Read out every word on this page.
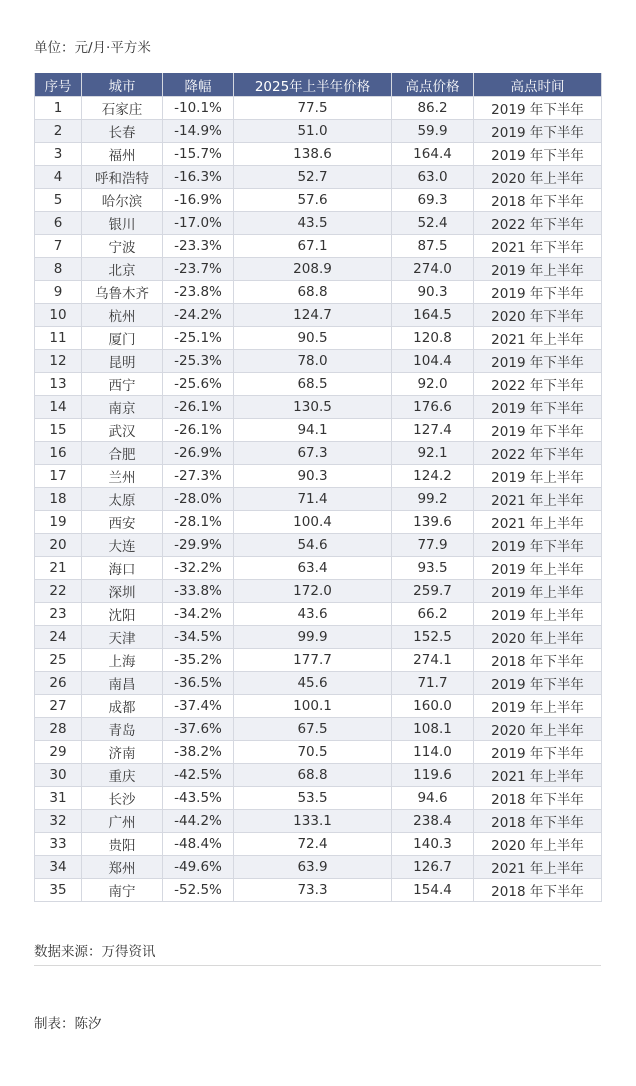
单位：元/月·平方米
序号	城市	降幅	2025年上半年价格	高点价格	高点时间
1	石家庄	-10.1%	77.5	86.2	2019 年下半年
2	长春	-14.9%	51.0	59.9	2019 年下半年
3	福州	-15.7%	138.6	164.4	2019 年下半年
4	呼和浩特	-16.3%	52.7	63.0	2020 年上半年
5	哈尔滨	-16.9%	57.6	69.3	2018 年下半年
6	银川	-17.0%	43.5	52.4	2022 年下半年
7	宁波	-23.3%	67.1	87.5	2021 年下半年
8	北京	-23.7%	208.9	274.0	2019 年上半年
9	乌鲁木齐	-23.8%	68.8	90.3	2019 年下半年
10	杭州	-24.2%	124.7	164.5	2020 年下半年
11	厦门	-25.1%	90.5	120.8	2021 年上半年
12	昆明	-25.3%	78.0	104.4	2019 年下半年
13	西宁	-25.6%	68.5	92.0	2022 年下半年
14	南京	-26.1%	130.5	176.6	2019 年下半年
15	武汉	-26.1%	94.1	127.4	2019 年下半年
16	合肥	-26.9%	67.3	92.1	2022 年下半年
17	兰州	-27.3%	90.3	124.2	2019 年上半年
18	太原	-28.0%	71.4	99.2	2021 年上半年
19	西安	-28.1%	100.4	139.6	2021 年上半年
20	大连	-29.9%	54.6	77.9	2019 年下半年
21	海口	-32.2%	63.4	93.5	2019 年上半年
22	深圳	-33.8%	172.0	259.7	2019 年上半年
23	沈阳	-34.2%	43.6	66.2	2019 年上半年
24	天津	-34.5%	99.9	152.5	2020 年上半年
25	上海	-35.2%	177.7	274.1	2018 年下半年
26	南昌	-36.5%	45.6	71.7	2019 年下半年
27	成都	-37.4%	100.1	160.0	2019 年上半年
28	青岛	-37.6%	67.5	108.1	2020 年上半年
29	济南	-38.2%	70.5	114.0	2019 年下半年
30	重庆	-42.5%	68.8	119.6	2021 年上半年
31	长沙	-43.5%	53.5	94.6	2018 年下半年
32	广州	-44.2%	133.1	238.4	2018 年下半年
33	贵阳	-48.4%	72.4	140.3	2020 年上半年
34	郑州	-49.6%	63.9	126.7	2021 年上半年
35	南宁	-52.5%	73.3	154.4	2018 年下半年
数据来源：万得资讯
制表：陈汐
